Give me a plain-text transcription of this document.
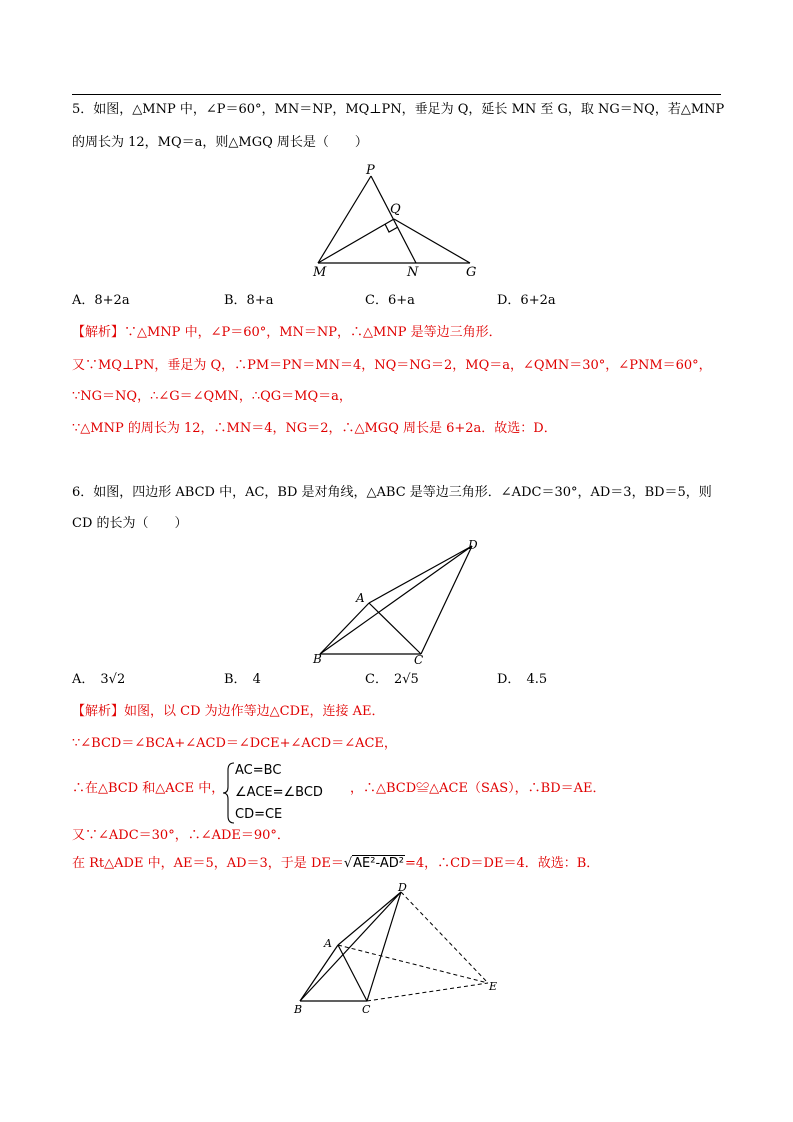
5．如图，△MNP 中，∠P＝60°，MN＝NP，MQ⊥PN，垂足为 Q，延长 MN 至 G，取 NG＝NQ，若△MNP
的周长为 12，MQ＝a，则△MGQ 周长是（　　）
P
Q
M	N	G
A．8+2a	B．8+a	C．6+a	D．6+2a
【解析】∵△MNP 中，∠P＝60°，MN＝NP，∴△MNP 是等边三角形．
又∵MQ⊥PN，垂足为 Q，∴PM＝PN＝MN＝4，NQ＝NG＝2，MQ＝a，∠QMN＝30°，∠PNM＝60°，
∵NG＝NQ，∴∠G＝∠QMN，∴QG＝MQ＝a，
∵△MNP 的周长为 12，∴MN＝4，NG＝2，∴△MGQ 周长是 6+2a．故选：D．
6．如图，四边形 ABCD 中，AC，BD 是对角线，△ABC 是等边三角形．∠ADC＝30°，AD＝3，BD＝5，则
CD 的长为（　　）
A
B	C
D
A． 3√2	B． 4	C． 2√5	D． 4.5
【解析】如图，以 CD 为边作等边△CDE，连接 AE．
∵∠BCD＝∠BCA+∠ACD＝∠DCE+∠ACD＝∠ACE，
∴在△BCD 和△ACE 中，
AC=BC
∠ACE=∠BCD
CD=CE
，∴△BCD≌△ACE（SAS），∴BD＝AE．
又∵∠ADC＝30°，∴∠ADE＝90°．
在 Rt△ADE 中，AE＝5，AD＝3，于是 DE＝√AE²-AD²=4，∴CD＝DE＝4．故选：B．
A
B	C
D
E
